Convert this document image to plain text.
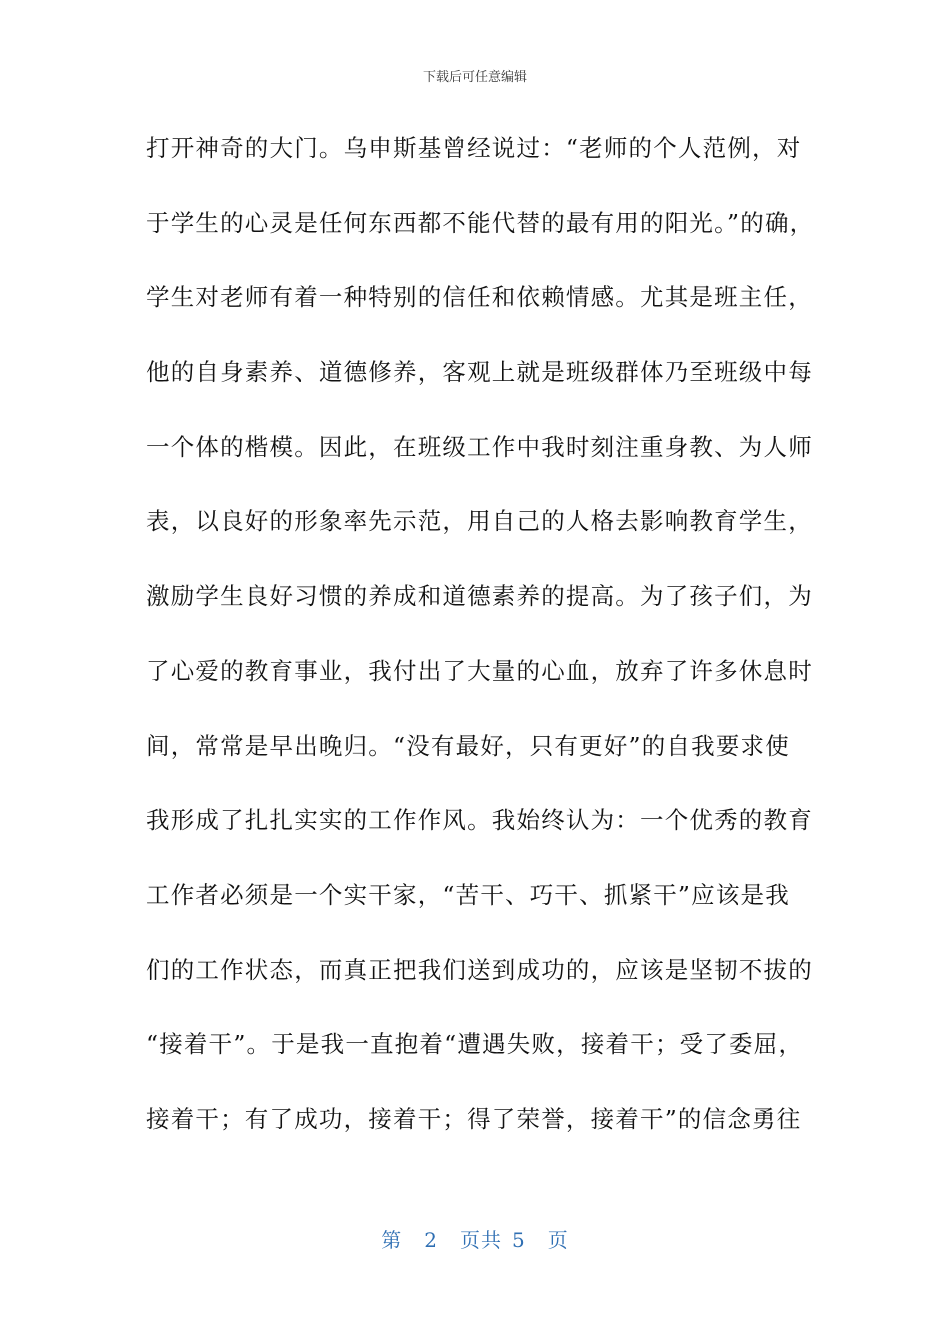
下载后可任意编辑
打开神奇的大门。乌申斯基曾经说过：“老师的个人范例，对
于学生的心灵是任何东西都不能代替的最有用的阳光。”的确，
学生对老师有着一种特别的信任和依赖情感。尤其是班主任，
他的自身素养、道德修养，客观上就是班级群体乃至班级中每
一个体的楷模。因此，在班级工作中我时刻注重身教、为人师
表，以良好的形象率先示范，用自己的人格去影响教育学生，
激励学生良好习惯的养成和道德素养的提高。为了孩子们，为
了心爱的教育事业，我付出了大量的心血，放弃了许多休息时
间，常常是早出晚归。“没有最好，只有更好”的自我要求使
我形成了扎扎实实的工作作风。我始终认为：一个优秀的教育
工作者必须是一个实干家，“苦干、巧干、抓紧干”应该是我
们的工作状态，而真正把我们送到成功的，应该是坚韧不拔的
“接着干”。于是我一直抱着“遭遇失败，接着干；受了委屈，
接着干；有了成功，接着干；得了荣誉，接着干”的信念勇往
第 2 页共 5 页
